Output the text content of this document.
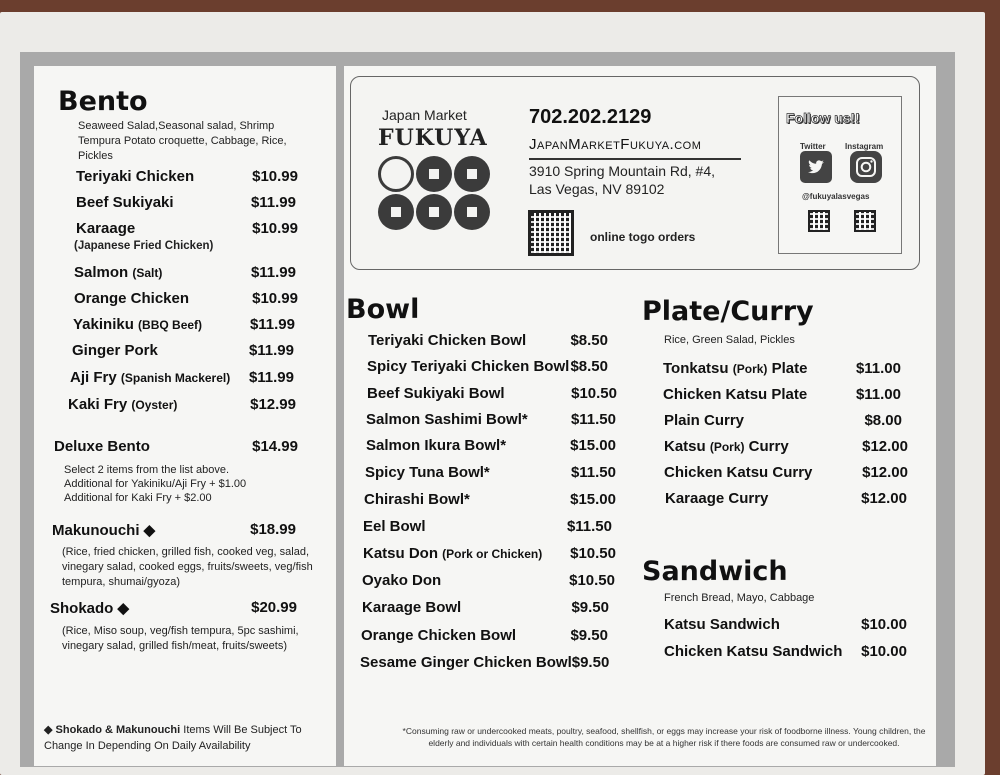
Japan Market
FUKUYA
702.202.2129
JapanMarketFukuya.com
3910 Spring Mountain Rd, #4,
Las Vegas, NV 89102
online togo orders
Follow us!!
Twitter Instagram
@fukuyalasvegas
Bento
Seaweed Salad,Seasonal salad, Shrimp
Tempura Potato croquette, Cabbage, Rice,
Pickles
Teriyaki Chicken	$10.99
Beef Sukiyaki	$11.99
Karaage	$10.99
Salmon (Salt)	$11.99
Orange Chicken	$10.99
Yakiniku (BBQ Beef)	$11.99
Ginger Pork	$11.99
Aji Fry (Spanish Mackerel) $11.99
Kaki Fry (Oyster)	$12.99
(Japanese Fried Chicken)
Deluxe Bento	$14.99
Select 2 items from the list above.
Additional for Yakiniku/Aji Fry + $1.00
Additional for Kaki Fry + $2.00
Makunouchi ◆	$18.99
(Rice, fried chicken, grilled fish, cooked veg, salad,
vinegary salad, cooked eggs, fruits/sweets, veg/fish
tempura, shumai/gyoza)
Shokado ◆	$20.99
(Rice, Miso soup, veg/fish tempura, 5pc sashimi,
vinegary salad, grilled fish/meat, fruits/sweets)
◆ Shokado & Makunouchi Items Will Be Subject To
Change In Depending On Daily Availability
Bowl
Teriyaki Chicken Bowl	$8.50
Spicy Teriyaki Chicken Bowl $8.50
Beef Sukiyaki Bowl	$10.50
Salmon Sashimi Bowl*	$11.50
Salmon Ikura Bowl*	$15.00
Spicy Tuna Bowl*	$11.50
Chirashi Bowl*	$15.00
Eel Bowl	$11.50
Katsu Don (Pork or Chicken) $10.50
Oyako Don	$10.50
Karaage Bowl	$9.50
Orange Chicken Bowl	$9.50
Sesame Ginger Chicken Bowl $9.50
Plate/Curry
Rice, Green Salad, Pickles
Tonkatsu (Pork) Plate	$11.00
Chicken Katsu Plate	$11.00
Plain Curry	$8.00
Katsu (Pork) Curry	$12.00
Chicken Katsu Curry	$12.00
Karaage Curry	$12.00
Sandwich
French Bread, Mayo, Cabbage
Katsu Sandwich	$10.00
Chicken Katsu Sandwich $10.00
*Consuming raw or undercooked meats, poultry, seafood, shellfish, or eggs may increase your risk of foodborne illness. Young children, the
elderly and individuals with certain health conditions may be at a higher risk if there foods are consumed raw or undercooked.
